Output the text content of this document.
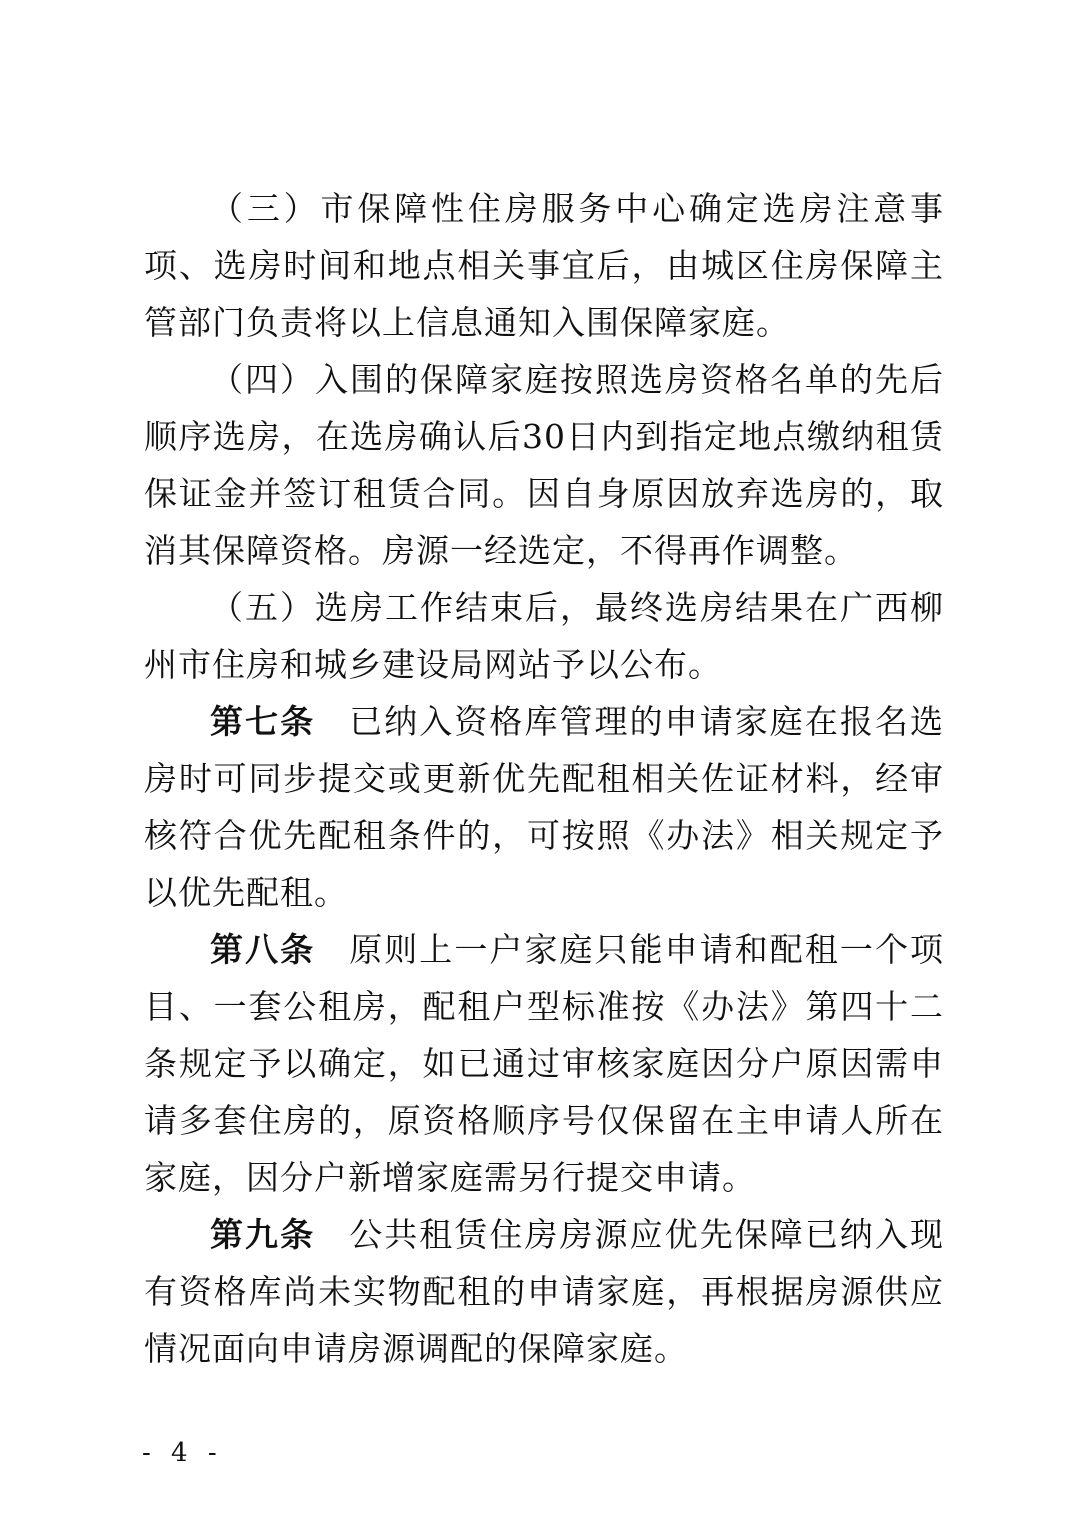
（三）市保障性住房服务中心确定选房注意事项、选房时间和地点相关事宜后，由城区住房保障主管部门负责将以上信息通知入围保障家庭。

（四）入围的保障家庭按照选房资格名单的先后顺序选房，在选房确认后30日内到指定地点缴纳租赁保证金并签订租赁合同。因自身原因放弃选房的，取消其保障资格。房源一经选定，不得再作调整。

（五）选房工作结束后，最终选房结果在广西柳州市住房和城乡建设局网站予以公布。

第七条 已纳入资格库管理的申请家庭在报名选房时可同步提交或更新优先配租相关佐证材料，经审核符合优先配租条件的，可按照《办法》相关规定予以优先配租。

第八条 原则上一户家庭只能申请和配租一个项目、一套公租房，配租户型标准按《办法》第四十二条规定予以确定，如已通过审核家庭因分户原因需申请多套住房的，原资格顺序号仅保留在主申请人所在家庭，因分户新增家庭需另行提交申请。

第九条 公共租赁住房房源应优先保障已纳入现有资格库尚未实物配租的申请家庭，再根据房源供应情况面向申请房源调配的保障家庭。

- 4 -
